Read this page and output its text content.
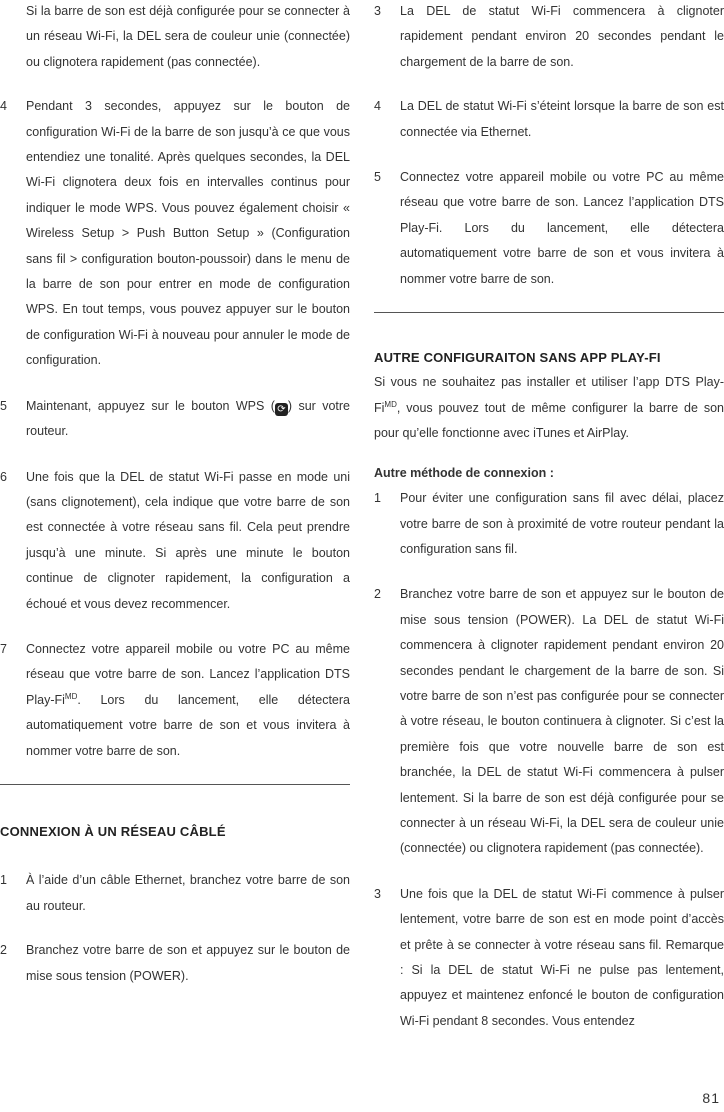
Si la barre de son est déjà configurée pour se connecter à un réseau Wi-Fi, la DEL sera de couleur unie (connectée) ou clignotera rapidement (pas connectée).

4	Pendant 3 secondes, appuyez sur le bouton de configuration Wi-Fi de la barre de son jusqu’à ce que vous entendiez une tonalité. Après quelques secondes, la DEL Wi-Fi clignotera deux fois en intervalles continus pour indiquer le mode WPS. Vous pouvez également choisir « Wireless Setup > Push Button Setup » (Configuration sans fil > configuration bouton-poussoir) dans le menu de la barre de son pour entrer en mode de configuration WPS. En tout temps, vous pouvez appuyer sur le bouton de configuration Wi-Fi à nouveau pour annuler le mode de configuration.
5	Maintenant, appuyez sur le bouton WPS ( ⟳ ) sur votre routeur.
6	Une fois que la DEL de statut Wi-Fi passe en mode uni (sans clignotement), cela indique que votre barre de son est connectée à votre réseau sans fil. Cela peut prendre jusqu’à une minute. Si après une minute le bouton continue de clignoter rapidement, la configuration a échoué et vous devez recommencer.
7	Connectez votre appareil mobile ou votre PC au même réseau que votre barre de son. Lancez l’application DTS Play-$Fi^{MD}$. Lors du lancement, elle détectera automatiquement votre barre de son et vous invitera à nommer votre barre de son.
CONNEXION À UN RÉSEAU CÂBLÉ
1	À l’aide d’un câble Ethernet, branchez votre barre de son au routeur.
2	Branchez votre barre de son et appuyez sur le bouton de mise sous tension (POWER).
3	La DEL de statut Wi-Fi commencera à clignoter rapidement pendant environ 20 secondes pendant le chargement de la barre de son.
4	La DEL de statut Wi-Fi s’éteint lorsque la barre de son est connectée via Ethernet.
5	Connectez votre appareil mobile ou votre PC au même réseau que votre barre de son. Lancez l’application DTS Play-Fi. Lors du lancement, elle détectera automatiquement votre barre de son et vous invitera à nommer votre barre de son.
AUTRE CONFIGURAITON SANS APP PLAY-FI

Si vous ne souhaitez pas installer et utiliser l’app DTS Play-$Fi^{MD}$, vous pouvez tout de même configurer la barre de son pour qu’elle fonctionne avec iTunes et AirPlay.

Autre méthode de connexion :
1	Pour éviter une configuration sans fil avec délai, placez votre barre de son à proximité de votre routeur pendant la configuration sans fil.
2	Branchez votre barre de son et appuyez sur le bouton de mise sous tension (POWER). La DEL de statut Wi-Fi commencera à clignoter rapidement pendant environ 20 secondes pendant le chargement de la barre de son. Si votre barre de son n’est pas configurée pour se connecter à votre réseau, le bouton continuera à clignoter. Si c’est la première fois que votre nouvelle barre de son est branchée, la DEL de statut Wi-Fi commencera à pulser lentement. Si la barre de son est déjà configurée pour se connecter à un réseau Wi-Fi, la DEL sera de couleur unie (connectée) ou clignotera rapidement (pas connectée).
3	Une fois que la DEL de statut Wi-Fi commence à pulser lentement, votre barre de son est en mode point d’accès et prête à se connecter à votre réseau sans fil. Remarque : Si la DEL de statut Wi-Fi ne pulse pas lentement, appuyez et maintenez enfoncé le bouton de configuration Wi-Fi pendant 8 secondes. Vous entendez
81
